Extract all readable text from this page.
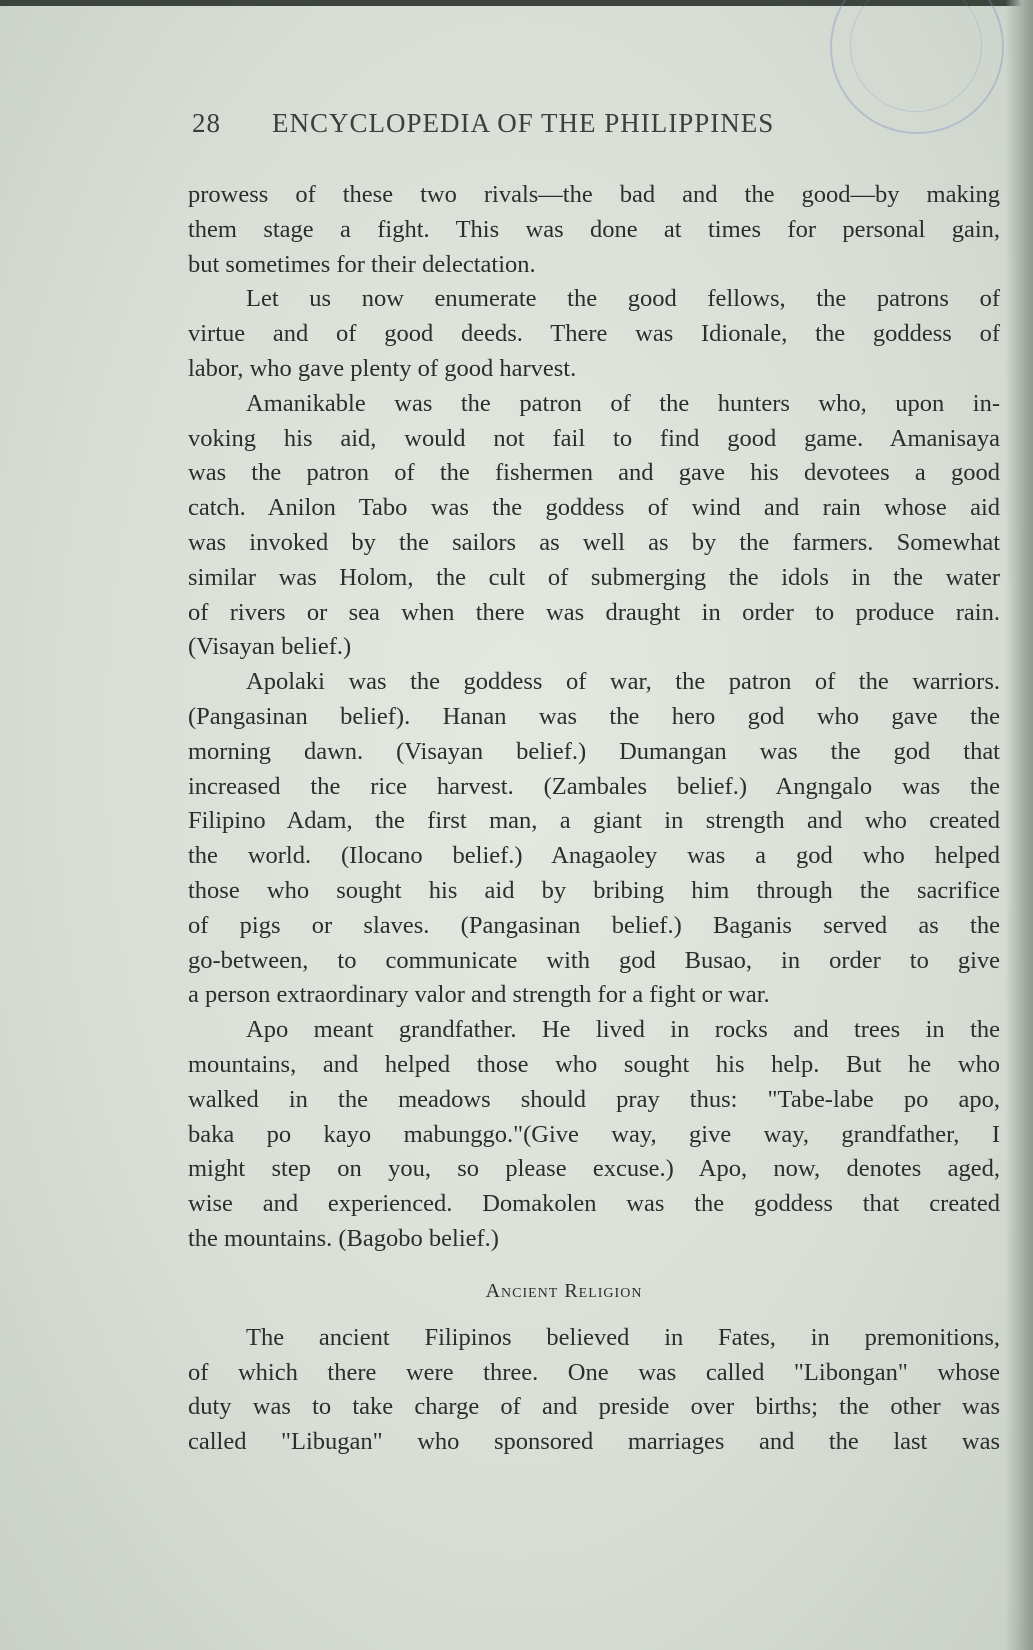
28 ENCYCLOPEDIA OF THE PHILIPPINES
prowess of these two rivals—the bad and the good—by making
them stage a fight. This was done at times for personal gain,
but sometimes for their delectation.
Let us now enumerate the good fellows, the patrons of
virtue and of good deeds. There was Idionale, the goddess of
labor, who gave plenty of good harvest.
Amanikable was the patron of the hunters who, upon in-
voking his aid, would not fail to find good game. Amanisaya
was the patron of the fishermen and gave his devotees a good
catch. Anilon Tabo was the goddess of wind and rain whose aid
was invoked by the sailors as well as by the farmers. Somewhat
similar was Holom, the cult of submerging the idols in the water
of rivers or sea when there was draught in order to produce rain.
(Visayan belief.)
Apolaki was the goddess of war, the patron of the warriors.
(Pangasinan belief). Hanan was the hero god who gave the
morning dawn. (Visayan belief.) Dumangan was the god that
increased the rice harvest. (Zambales belief.) Angngalo was the
Filipino Adam, the first man, a giant in strength and who created
the world. (Ilocano belief.) Anagaoley was a god who helped
those who sought his aid by bribing him through the sacrifice
of pigs or slaves. (Pangasinan belief.) Baganis served as the
go-between, to communicate with god Busao, in order to give
a person extraordinary valor and strength for a fight or war.
Apo meant grandfather. He lived in rocks and trees in the
mountains, and helped those who sought his help. But he who
walked in the meadows should pray thus: "Tabe-labe po apo,
baka po kayo mabunggo."(Give way, give way, grandfather, I
might step on you, so please excuse.) Apo, now, denotes aged,
wise and experienced. Domakolen was the goddess that created
the mountains. (Bagobo belief.)
Ancient Religion
The ancient Filipinos believed in Fates, in premonitions,
of which there were three. One was called "Libongan" whose
duty was to take charge of and preside over births; the other was
called "Libugan" who sponsored marriages and the last was
